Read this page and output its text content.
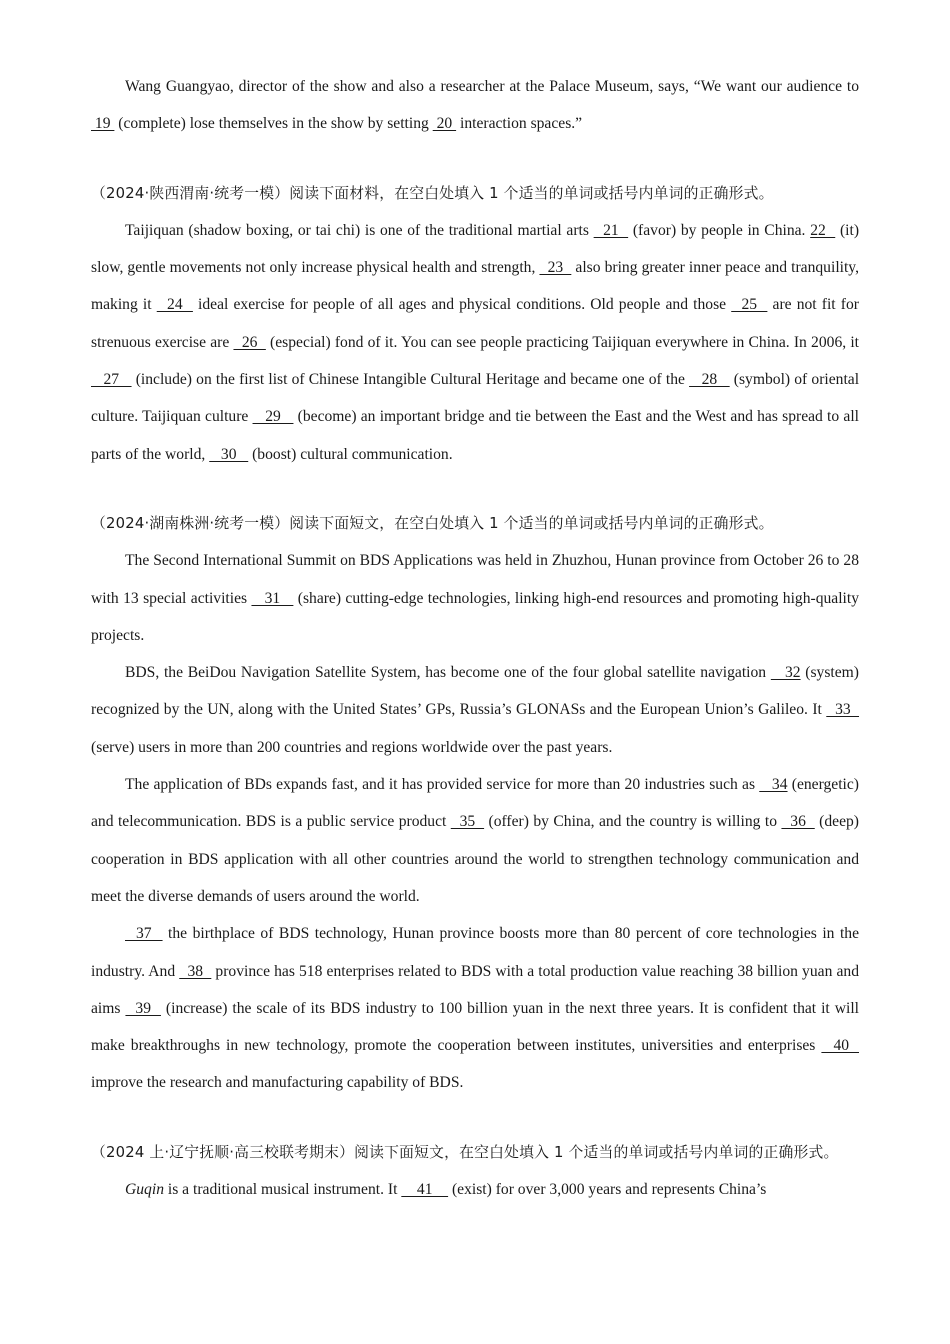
Wang Guangyao, director of the show and also a researcher at the Palace Museum, says, “We want our audience to  19  (complete) lose themselves in the show by setting  20  interaction spaces.”

（2024·陕西渭南·统考一模）阅读下面材料，在空白处填入 1 个适当的单词或括号内单词的正确形式。

Taijiquan (shadow boxing, or tai chi) is one of the traditional martial arts   21   (favor) by people in China. 22   (it) slow, gentle movements not only increase physical health and strength,   23   also bring greater inner peace and tranquility, making it   24   ideal exercise for people of all ages and physical conditions. Old people and those   25   are not fit for strenuous exercise are   26   (especial) fond of it. You can see people practicing Taijiquan everywhere in China. In 2006, it    27    (include) on the first list of Chinese Intangible Cultural Heritage and became one of the    28    (symbol) of oriental culture. Taijiquan culture    29    (become) an important bridge and tie between the East and the West and has spread to all parts of the world,    30    (boost) cultural communication.

（2024·湖南株洲·统考一模）阅读下面短文，在空白处填入 1 个适当的单词或括号内单词的正确形式。

The Second International Summit on BDS Applications was held in Zhuzhou, Hunan province from October 26 to 28 with 13 special activities    31    (share) cutting-edge technologies, linking high-end resources and promoting high-quality projects.

BDS, the BeiDou Navigation Satellite System, has become one of the four global satellite navigation    32 (system) recognized by the UN, along with the United States’ GPs, Russia’s GLONASs and the European Union’s Galileo. It   33   (serve) users in more than 200 countries and regions worldwide over the past years.

The application of BDs expands fast, and it has provided service for more than 20 industries such as    34 (energetic) and telecommunication. BDS is a public service product   35   (offer) by China, and the country is willing to   36   (deep) cooperation in BDS application with all other countries around the world to strengthen technology communication and meet the diverse demands of users around the world.

37   the birthplace of BDS technology, Hunan province boosts more than 80 percent of core technologies in the industry. And   38   province has 518 enterprises related to BDS with a total production value reaching 38 billion yuan and aims   39   (increase) the scale of its BDS industry to 100 billion yuan in the next three years. It is confident that it will make breakthroughs in new technology, promote the cooperation between institutes, universities and enterprises   40   improve the research and manufacturing capability of BDS.

（2024 上·辽宁抚顺·高三校联考期末）阅读下面短文，在空白处填入 1 个适当的单词或括号内单词的正确形式。

Guqin is a traditional musical instrument. It     41     (exist) for over 3,000 years and represents China’s
